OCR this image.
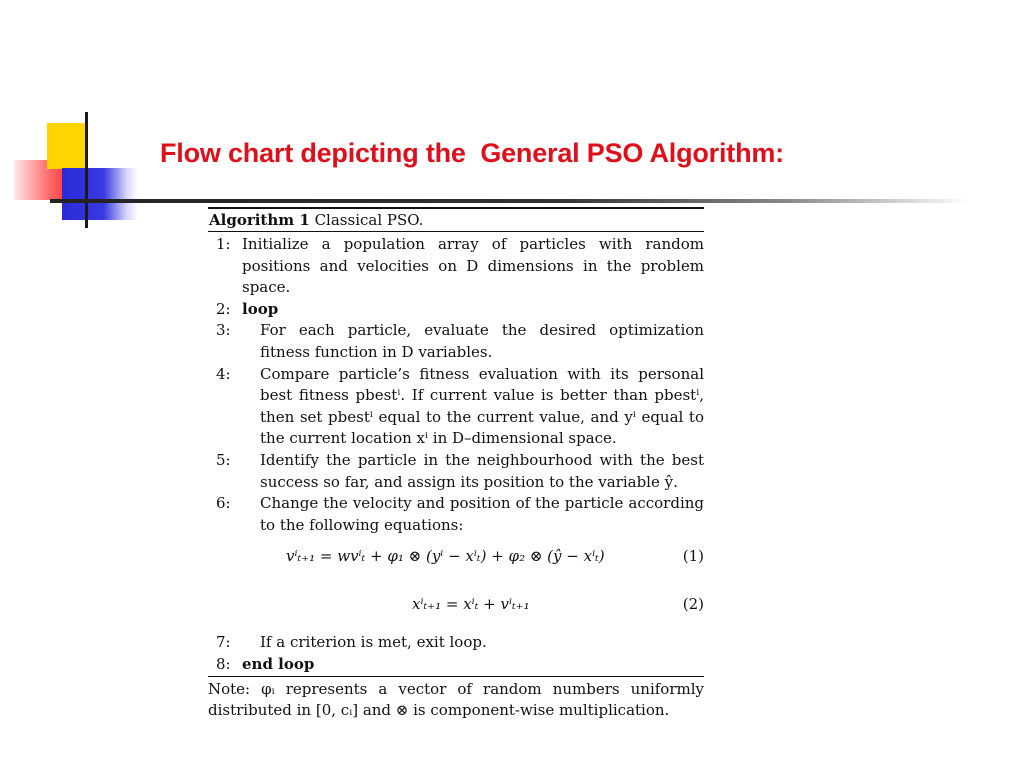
Flow chart depicting the  General PSO Algorithm:
Algorithm 1 Classical PSO.
1: Initialize a population array of particles with random positions and velocities on D dimensions in the problem space.
2: loop
3: For each particle, evaluate the desired optimization fitness function in D variables.
4: Compare particle’s fitness evaluation with its personal best fitness pbestⁱ. If current value is better than pbestⁱ, then set pbestⁱ equal to the current value, and yⁱ equal to the current location xⁱ in D–dimensional space.
5: Identify the particle in the neighbourhood with the best success so far, and assign its position to the variable ŷ.
6: Change the velocity and position of the particle according to the following equations:
vⁱₜ₊₁ = wvⁱₜ + φ₁ ⊗ (yⁱ − xⁱₜ) + φ₂ ⊗ (ŷ − xⁱₜ)	(1)
xⁱₜ₊₁ = xⁱₜ + vⁱₜ₊₁	(2)
7: If a criterion is met, exit loop.
8: end loop
Note: φᵢ represents a vector of random numbers uniformly distributed in [0, cᵢ] and ⊗ is component-wise multiplication.
